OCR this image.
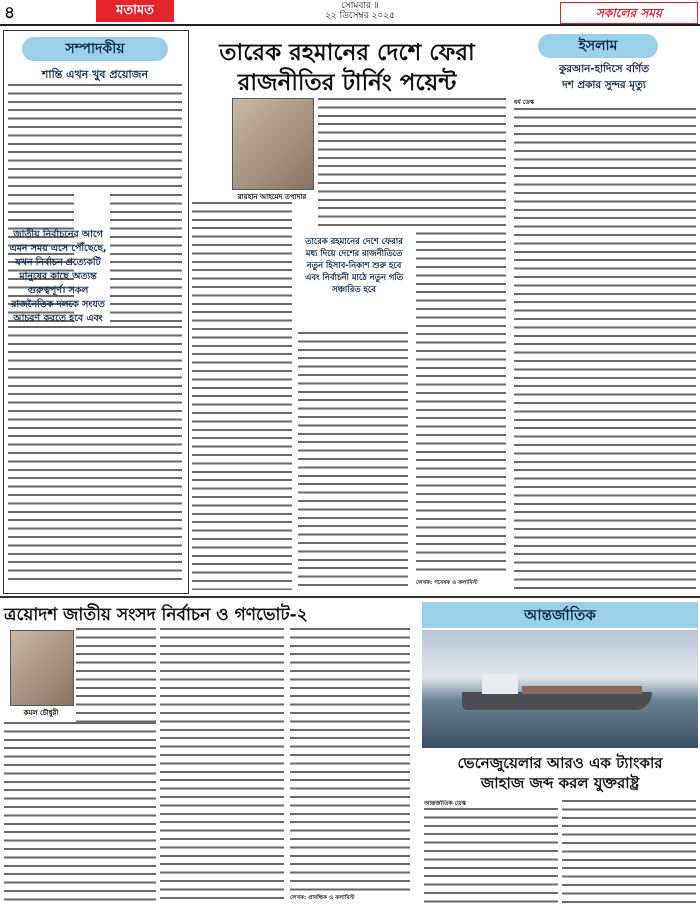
৪	মতামত	সোমবার ॥
২২ ডিসেম্বর ২০২৫	সকালের সময়
সম্পাদকীয়
শান্তি এখন খুব প্রয়োজন
জাতীয় নির্বাচনের আগে এমন সময় এসে পৌঁছেছে, যখন নির্বাচন প্রত্যেকটি মানুষের কাছে অত্যন্ত গুরুত্বপূর্ণ। সকল রাজনৈতিক দলকে সংযত আচরণ করতে হবে এবং
তারেক রহমানের দেশে ফেরা
রাজনীতির টার্নিং পয়েন্ট
রায়হান আহমেদ তপাদার
তারেক রহমানের দেশে ফেরার মধ্য দিয়ে দেশের রাজনীতিতে নতুন হিসাব-নিকাশ শুরু হবে এবং নির্বাচনী মাঠে নতুন গতি সঞ্চারিত হবে
লেখক: গবেষক ও কলামিস্ট
ইসলাম
কুরআন-হাদিসে বর্ণিত
দশ প্রকার সুন্দর মৃত্যু
ধর্ম ডেস্ক
ত্রয়োদশ জাতীয় সংসদ নির্বাচন ও গণভোট-২
কমল চৌধুরী
লেখক: প্রাবন্ধিক ও কলামিস্ট
আন্তর্জাতিক
ভেনেজুয়েলার আরও এক ট্যাংকার
জাহাজ জব্দ করল যুক্তরাষ্ট্র
আন্তর্জাতিক ডেস্ক
